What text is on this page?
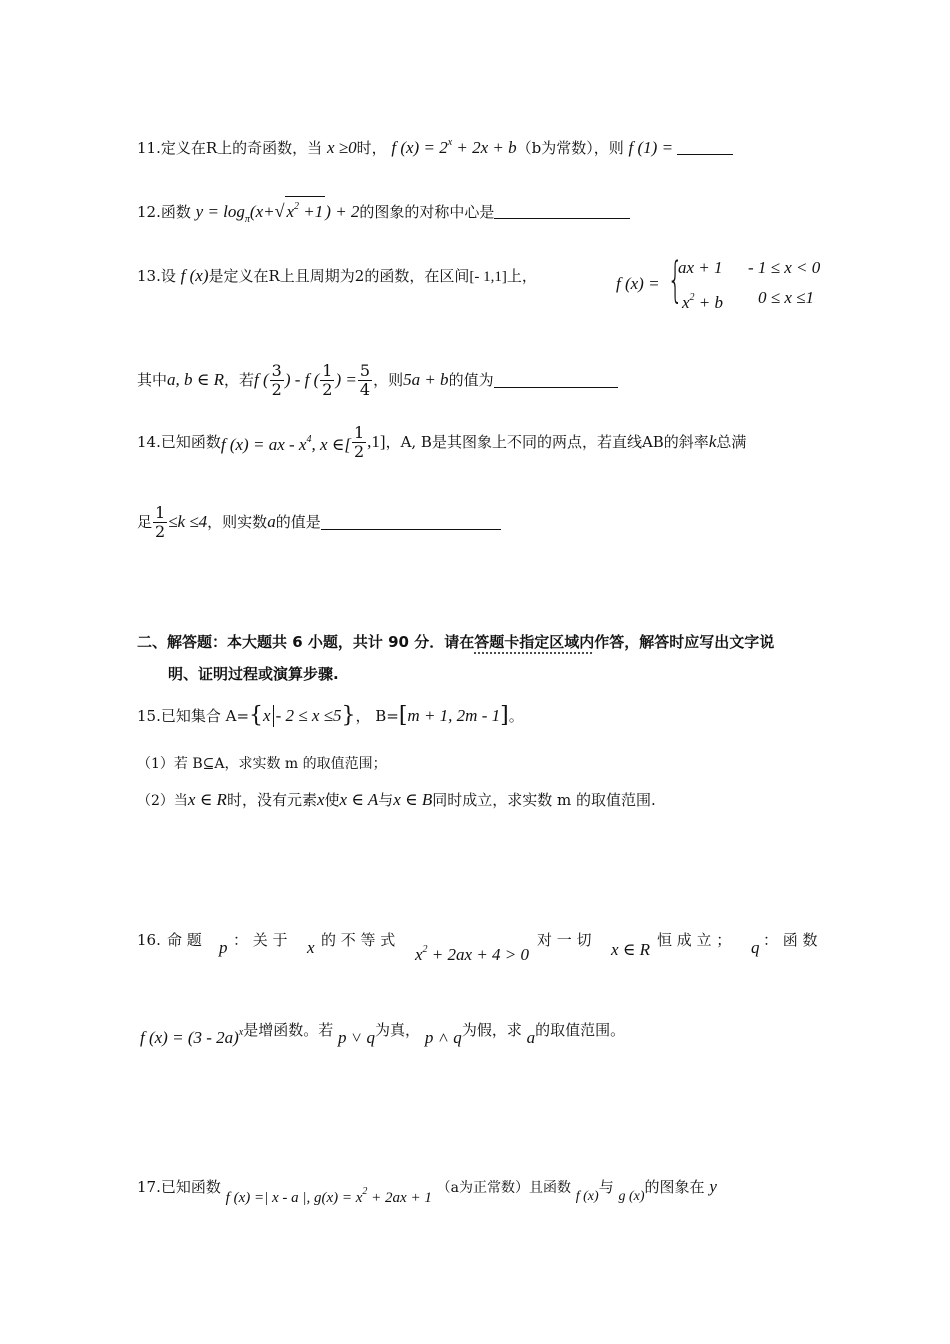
11.定义在R上的奇函数，当 x ≥0时， f $(x) = 2^x + 2x + b(b$为常数），则 f (1) =
12.函数 $y = \log_\pi(x+√$ $x^2 +1$ ) + 2的图象的对称中心是
13.设 f (x)是定义在R上且周期为2的函数，在区间[- 1,1]上，	f (x) = {
ax + 1 - 1 ≤ x < 0
$x^2 + b$ 0 ≤ x ≤1
其中 a, b ∈ R ，若 f ( $\frac{3}{2}$ ) - f ( $\frac{1}{2}$ ) = $\frac{5}{4}$ ，则 5a + b 的值为
14. 已知函数 f (x) = ax - $x^4$, x ∈[ $\frac{1}{2} ,1$] ，A, B是其图象上不同的两点，若直线AB的斜率 k 总满
足 $\frac{1}{2} \le k \le 4$ ，则实数 a 的值是
二、解答题：本大题共 6 小题，共计 90 分．请在答题卡指定区域内作答，解答时应写出文字说
明、证明过程或演算步骤.
15. 已知集合 A= { x - 2 ≤ x ≤5 } ， B= [ m + 1, 2m - 1 ] 。
（1）若 B⊆A，求实数 m 的取值范围；
（2）当x ∈ R时，没有元素x使x ∈ A与x ∈ B同时成立，求实数 m 的取值范围.
16. 命 题 p ： 关 于 x 的 不 等 式
$x^2 + 2ax + 4 > 0$
对 一 切 x ∈ R 恒 成 立 ； q ： 函 数
f (x) = (3 - 2a)$^x$是增函数。若 p ˅ q为真， p ˄ q为假，求 a的取值范围。
17.已知函数 f (x) =| x - a |, $g(x) = x^2 + 2ax + 1$ （a为正常数）且函数 f (x)与 g (x)的图象在 y
